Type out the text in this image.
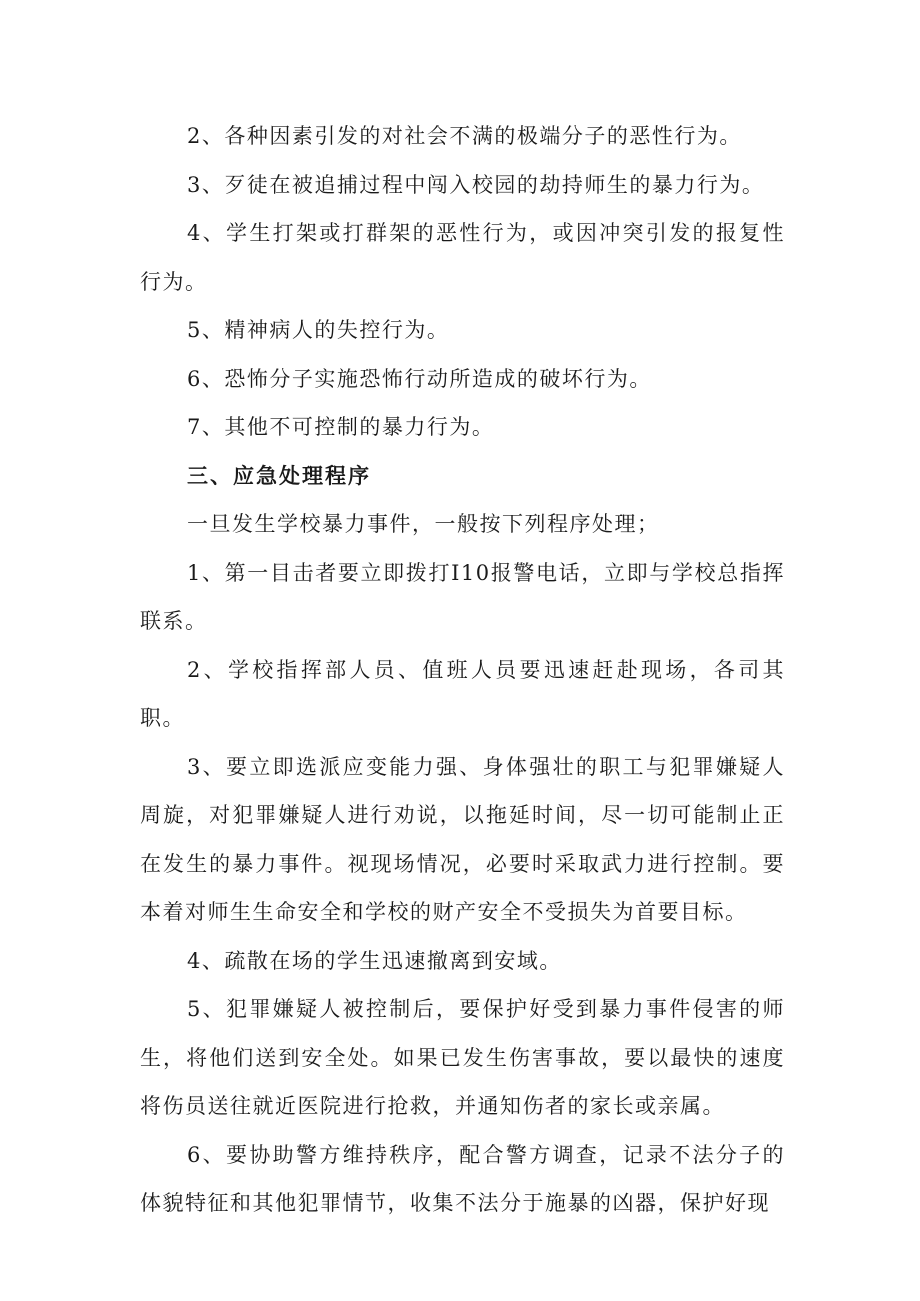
2、各种因素引发的对社会不满的极端分子的恶性行为。

3、歹徒在被追捕过程中闯入校园的劫持师生的暴力行为。

4、学生打架或打群架的恶性行为，或因冲突引发的报复性行为。

5、精神病人的失控行为。

6、恐怖分子实施恐怖行动所造成的破坏行为。

7、其他不可控制的暴力行为。

三、应急处理程序

一旦发生学校暴力事件，一般按下列程序处理；

1、第一目击者要立即拨打I10报警电话，立即与学校总指挥联系。

2、学校指挥部人员、值班人员要迅速赶赴现场，各司其职。

3、要立即选派应变能力强、身体强壮的职工与犯罪嫌疑人周旋，对犯罪嫌疑人进行劝说，以拖延时间，尽一切可能制止正在发生的暴力事件。视现场情况，必要时采取武力进行控制。要本着对师生生命安全和学校的财产安全不受损失为首要目标。

4、疏散在场的学生迅速撤离到安域。

5、犯罪嫌疑人被控制后，要保护好受到暴力事件侵害的师生，将他们送到安全处。如果已发生伤害事故，要以最快的速度将伤员送往就近医院进行抢救，并通知伤者的家长或亲属。

6、要协助警方维持秩序，配合警方调查，记录不法分子的体貌特征和其他犯罪情节，收集不法分于施暴的凶器，保护好现
